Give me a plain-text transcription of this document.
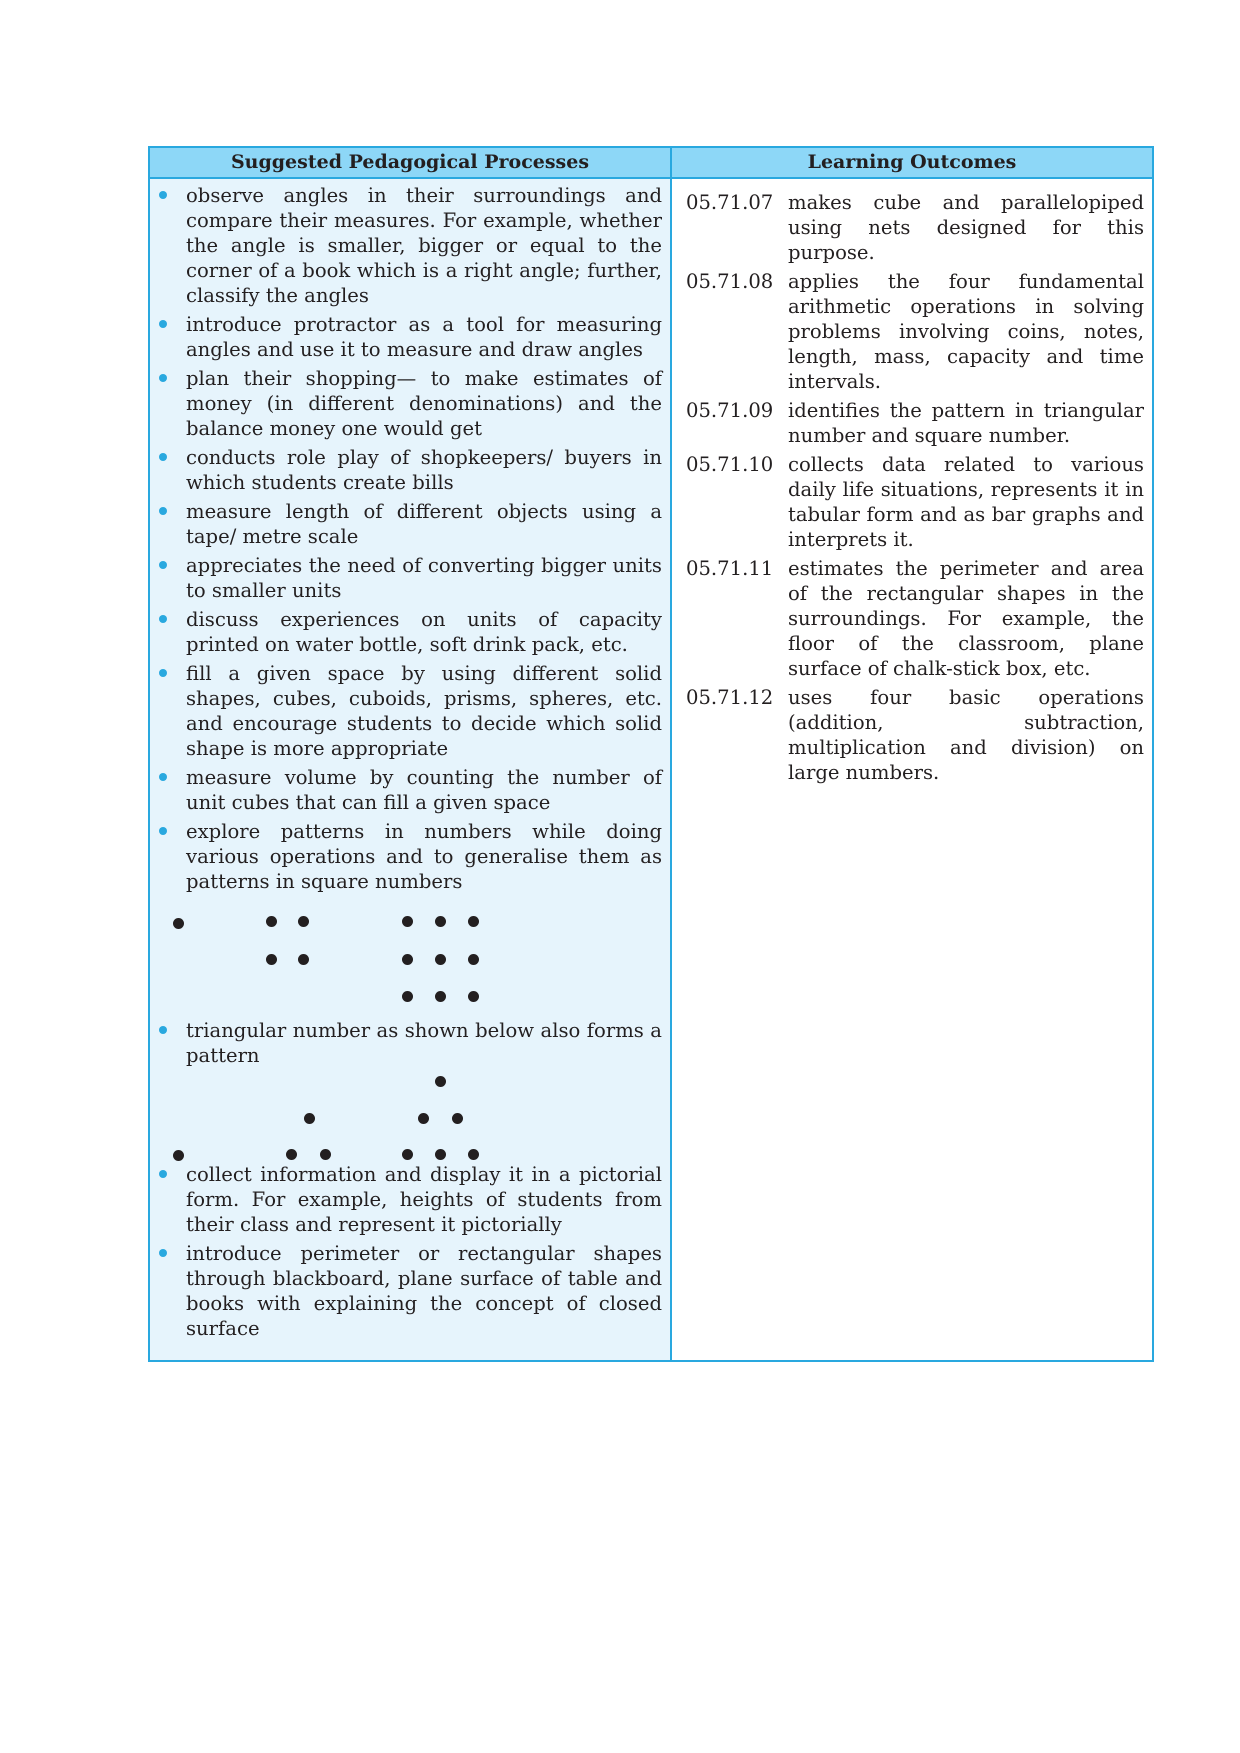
Suggested Pedagogical Processes
observe angles in their surroundings and compare their measures. For example, whether the angle is smaller, bigger or equal to the corner of a book which is a right angle; further, classify the angles
introduce protractor as a tool for measuring angles and use it to measure and draw angles
plan their shopping— to make estimates of money (in different denominations) and the balance money one would get
conducts role play of shopkeepers/ buyers in which students create bills
measure length of different objects using a tape/ metre scale
appreciates the need of converting bigger units to smaller units
discuss experiences on units of capacity printed on water bottle, soft drink pack, etc.
fill a given space by using different solid shapes, cubes, cuboids, prisms, spheres, etc. and encourage students to decide which solid shape is more appropriate
measure volume by counting the number of unit cubes that can fill a given space
explore patterns in numbers while doing various operations and to generalise them as patterns in square numbers
triangular number as shown below also forms a pattern
collect information and display it in a pictorial form. For example, heights of students from their class and represent it pictorially
introduce perimeter or rectangular shapes through blackboard, plane surface of table and books with explaining the concept of closed surface
Learning Outcomes
05.71.07 makes cube and parallelopiped using nets designed for this purpose.
05.71.08 applies the four fundamental arithmetic operations in solving problems involving coins, notes, length, mass, capacity and time intervals.
05.71.09 identifies the pattern in triangular number and square number.
05.71.10 collects data related to various daily life situations, represents it in tabular form and as bar graphs and interprets it.
05.71.11 estimates the perimeter and area of the rectangular shapes in the surroundings. For example, the floor of the classroom, plane surface of chalk-stick box, etc.
05.71.12 uses four basic operations (addition, subtraction, multiplication and division) on large numbers.
